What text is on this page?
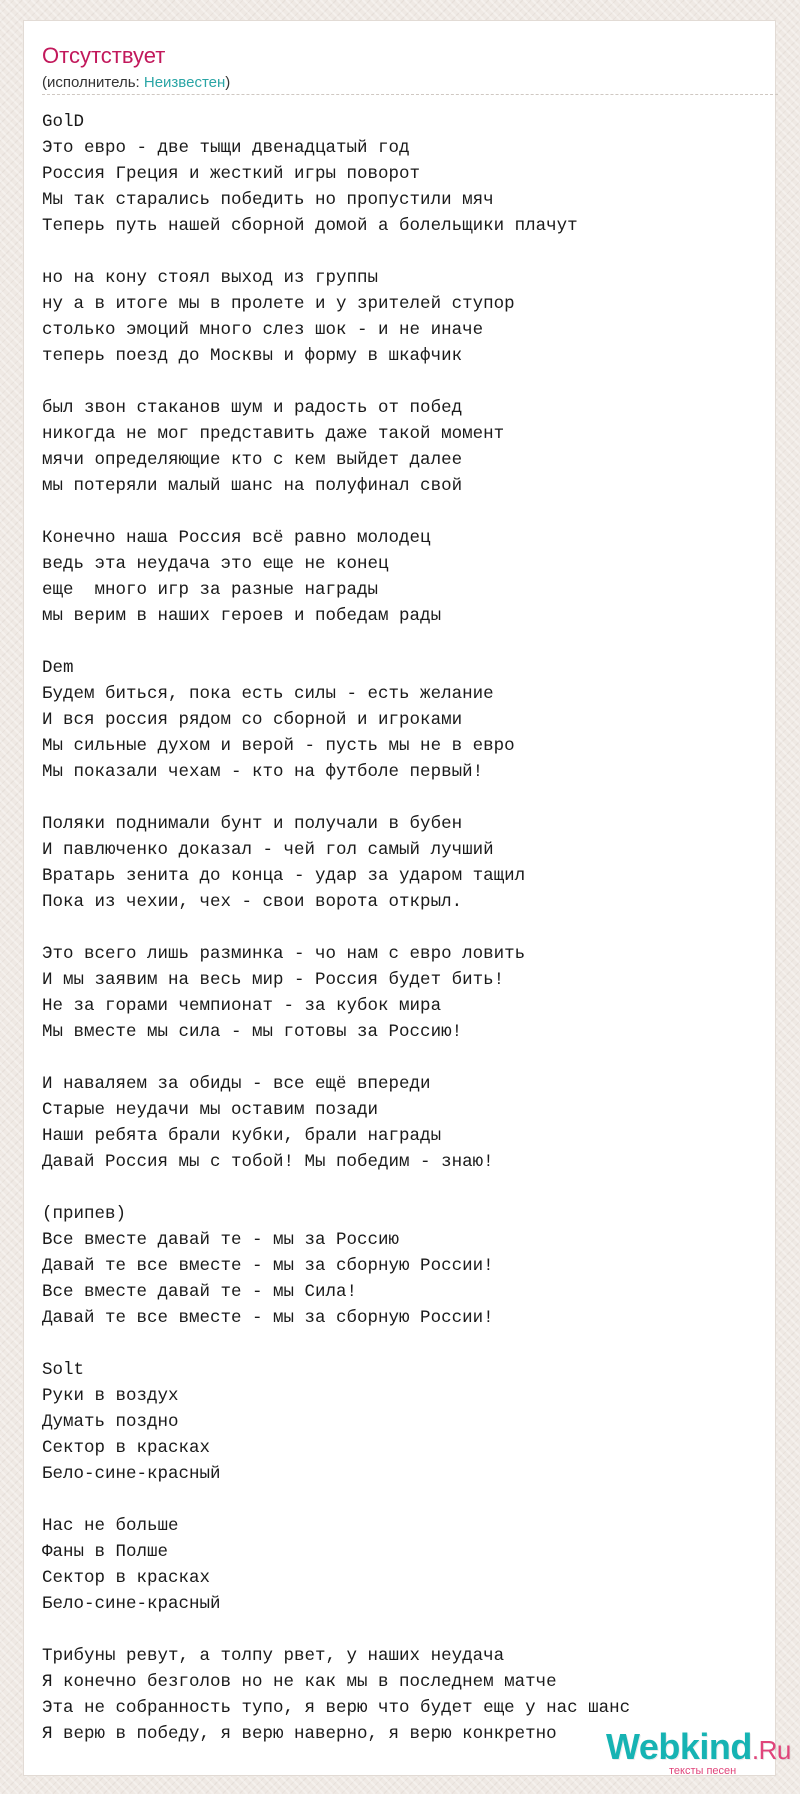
Отсутствует
(исполнитель: Неизвестен)
GolD
Это евро - две тыщи двенадцатый год
Россия Греция и жесткий игры поворот
Мы так старались победить но пропустили мяч
Теперь путь нашей сборной домой а болельщики плачут

но на кону стоял выход из группы
ну а в итоге мы в пролете и у зрителей ступор
столько эмоций много слез шок - и не иначе
теперь поезд до Москвы и форму в шкафчик

был звон стаканов шум и радость от побед
никогда не мог представить даже такой момент
мячи определяющие кто с кем выйдет далее
мы потеряли малый шанс на полуфинал свой

Конечно наша Россия всё равно молодец
ведь эта неудача это еще не конец
еще  много игр за разные награды
мы верим в наших героев и победам рады

Dem
Будем биться, пока есть силы - есть желание
И вся россия рядом со сборной и игроками
Мы сильные духом и верой - пусть мы не в евро
Мы показали чехам - кто на футболе первый!

Поляки поднимали бунт и получали в бубен
И павлюченко доказал - чей гол самый лучший
Вратарь зенита до конца - удар за ударом тащил
Пока из чехии, чех - свои ворота открыл.

Это всего лишь разминка - чо нам с евро ловить
И мы заявим на весь мир - Россия будет бить!
Не за горами чемпионат - за кубок мира
Мы вместе мы сила - мы готовы за Россию!

И наваляем за обиды - все ещё впереди
Старые неудачи мы оставим позади
Наши ребята брали кубки, брали награды
Давай Россия мы с тобой! Мы победим - знаю!

(припев)
Все вместе давай те - мы за Россию
Давай те все вместе - мы за сборную России!
Все вместе давай те - мы Сила!
Давай те все вместе - мы за сборную России!

Solt
Руки в воздух
Думать поздно
Сектор в красках
Бело-сине-красный

Нас не больше
Фаны в Полше
Сектор в красках
Бело-сине-красный

Трибуны ревут, а толпу рвет, у наших неудача
Я конечно безголов но не как мы в последнем матче
Эта не собранность тупо, я верю что будет еще у нас шанс
Я верю в победу, я верю наверно, я верю конкретно	Webkind.Ru
тексты песен
